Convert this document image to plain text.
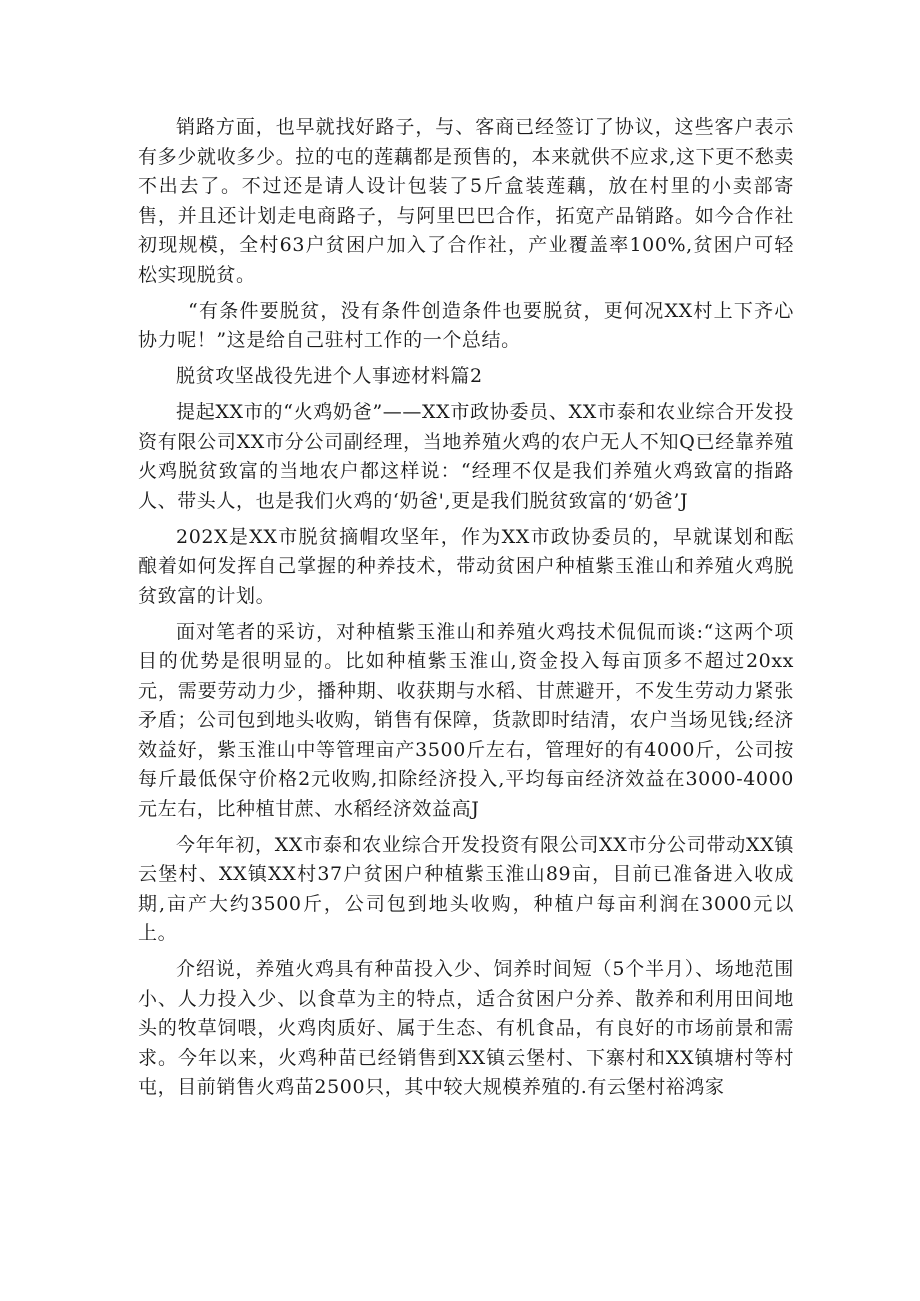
销路方面，也早就找好路子，与、客商已经签订了协议，这些客户表示有多少就收多少。拉的屯的莲藕都是预售的，本来就供不应求,这下更不愁卖不出去了。不过还是请人设计包装了5斤盒装莲藕，放在村里的小卖部寄售，并且还计划走电商路子，与阿里巴巴合作，拓宽产品销路。如今合作社初现规模，全村63户贫困户加入了合作社，产业覆盖率100%,贫困户可轻松实现脱贫。

“有条件要脱贫，没有条件创造条件也要脱贫，更何况XX村上下齐心协力呢！”这是给自己驻村工作的一个总结。

脱贫攻坚战役先进个人事迹材料篇2

提起XX市的“火鸡奶爸”——XX市政协委员、XX市泰和农业综合开发投资有限公司XX市分公司副经理，当地养殖火鸡的农户无人不知Q已经靠养殖火鸡脱贫致富的当地农户都这样说：“经理不仅是我们养殖火鸡致富的指路人、带头人，也是我们火鸡的‘奶爸',更是我们脱贫致富的‘奶爸’J

202X是XX市脱贫摘帽攻坚年，作为XX市政协委员的，早就谋划和酝酿着如何发挥自己掌握的种养技术，带动贫困户种植紫玉淮山和养殖火鸡脱贫致富的计划。

面对笔者的采访，对种植紫玉淮山和养殖火鸡技术侃侃而谈:“这两个项目的优势是很明显的。比如种植紫玉淮山,资金投入每亩顶多不超过20xx元，需要劳动力少，播种期、收获期与水稻、甘蔗避开，不发生劳动力紧张矛盾；公司包到地头收购，销售有保障，货款即时结清，农户当场见钱;经济效益好，紫玉淮山中等管理亩产3500斤左右，管理好的有4000斤，公司按每斤最低保守价格2元收购,扣除经济投入,平均每亩经济效益在3000-4000元左右，比种植甘蔗、水稻经济效益高J

今年年初，XX市泰和农业综合开发投资有限公司XX市分公司带动XX镇云堡村、XX镇XX村37户贫困户种植紫玉淮山89亩，目前已准备进入收成期,亩产大约3500斤，公司包到地头收购，种植户每亩利润在3000元以上。

介绍说，养殖火鸡具有种苗投入少、饲养时间短（5个半月）、场地范围小、人力投入少、以食草为主的特点，适合贫困户分养、散养和利用田间地头的牧草饲喂，火鸡肉质好、属于生态、有机食品，有良好的市场前景和需求。今年以来，火鸡种苗已经销售到XX镇云堡村、下寨村和XX镇塘村等村屯，目前销售火鸡苗2500只，其中较大规模养殖的.有云堡村裕鸿家
